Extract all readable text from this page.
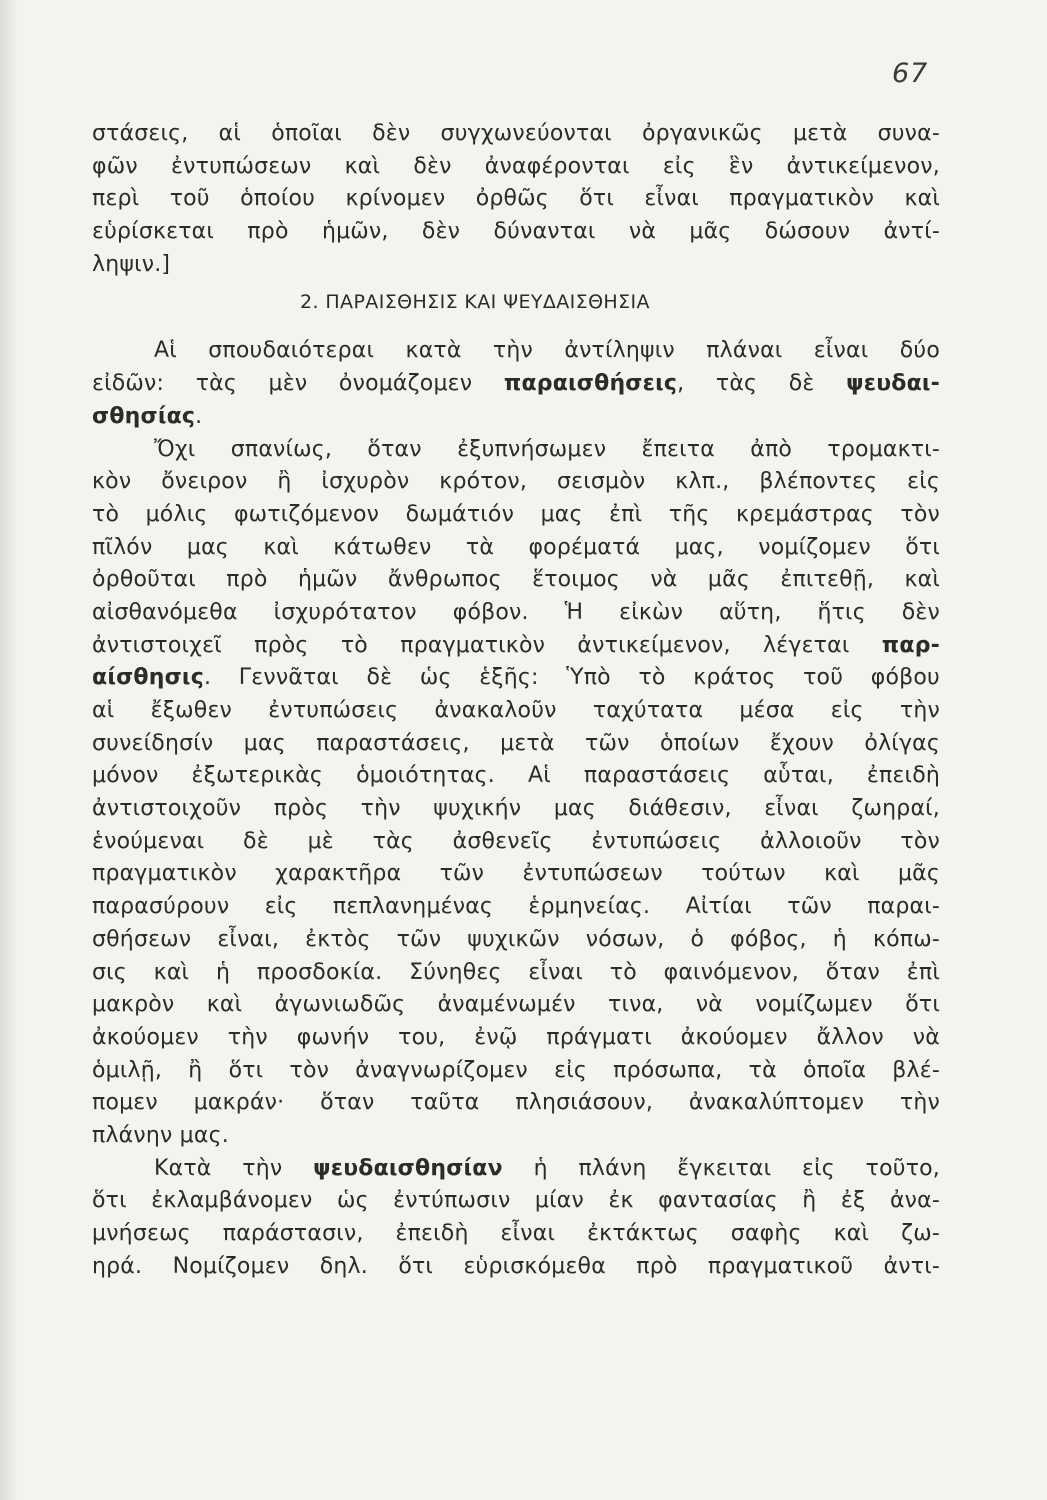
67
στάσεις, αἱ ὁποῖαι δὲν συγχωνεύονται ὀργανικῶς μετὰ συνα-
φῶν ἐντυπώσεων καὶ δὲν ἀναφέρονται εἰς ἓν ἀντικείμενον,
περὶ τοῦ ὁποίου κρίνομεν ὀρθῶς ὅτι εἶναι πραγματικὸν καὶ
εὑρίσκεται πρὸ ἡμῶν, δὲν δύνανται νὰ μᾶς δώσουν ἀντί-
ληψιν.]
2. ΠΑΡΑΙΣΘΗΣΙΣ ΚΑΙ ΨΕΥΔΑΙΣΘΗΣΙΑ
Αἱ σπουδαιότεραι κατὰ τὴν ἀντίληψιν πλάναι εἶναι δύο
εἰδῶν: τὰς μὲν ὀνομάζομεν παραισθήσεις, τὰς δὲ ψευδαι-
σθησίας.
Ὄχι σπανίως, ὅταν ἐξυπνήσωμεν ἔπειτα ἀπὸ τρομακτι-
κὸν ὄνειρον ἢ ἰσχυρὸν κρότον, σεισμὸν κλπ., βλέποντες εἰς
τὸ μόλις φωτιζόμενον δωμάτιόν μας ἐπὶ τῆς κρεμάστρας τὸν
πῖλόν μας καὶ κάτωθεν τὰ φορέματά μας, νομίζομεν ὅτι
ὀρθοῦται πρὸ ἡμῶν ἄνθρωπος ἕτοιμος νὰ μᾶς ἐπιτεθῇ, καὶ
αἰσθανόμεθα ἰσχυρότατον φόβον. Ἡ εἰκὼν αὕτη, ἥτις δὲν
ἀντιστοιχεῖ πρὸς τὸ πραγματικὸν ἀντικείμενον, λέγεται παρ-
αίσθησις. Γεννᾶται δὲ ὡς ἑξῆς: Ὑπὸ τὸ κράτος τοῦ φόβου
αἱ ἔξωθεν ἐντυπώσεις ἀνακαλοῦν ταχύτατα μέσα εἰς τὴν
συνείδησίν μας παραστάσεις, μετὰ τῶν ὁποίων ἔχουν ὀλίγας
μόνον ἐξωτερικὰς ὁμοιότητας. Αἱ παραστάσεις αὗται, ἐπειδὴ
ἀντιστοιχοῦν πρὸς τὴν ψυχικήν μας διάθεσιν, εἶναι ζωηραί,
ἑνούμεναι δὲ μὲ τὰς ἀσθενεῖς ἐντυπώσεις ἀλλοιοῦν τὸν
πραγματικὸν χαρακτῆρα τῶν ἐντυπώσεων τούτων καὶ μᾶς
παρασύρουν εἰς πεπλανημένας ἑρμηνείας. Αἰτίαι τῶν παραι-
σθήσεων εἶναι, ἐκτὸς τῶν ψυχικῶν νόσων, ὁ φόβος, ἡ κόπω-
σις καὶ ἡ προσδοκία. Σύνηθες εἶναι τὸ φαινόμενον, ὅταν ἐπὶ
μακρὸν καὶ ἀγωνιωδῶς ἀναμένωμέν τινα, νὰ νομίζωμεν ὅτι
ἀκούομεν τὴν φωνήν του, ἐνῷ πράγματι ἀκούομεν ἄλλον νὰ
ὁμιλῇ, ἢ ὅτι τὸν ἀναγνωρίζομεν εἰς πρόσωπα, τὰ ὁποῖα βλέ-
πομεν μακράν· ὅταν ταῦτα πλησιάσουν, ἀνακαλύπτομεν τὴν
πλάνην μας.
Κατὰ τὴν ψευδαισθησίαν ἡ πλάνη ἔγκειται εἰς τοῦτο,
ὅτι ἐκλαμβάνομεν ὡς ἐντύπωσιν μίαν ἐκ φαντασίας ἢ ἐξ ἀνα-
μνήσεως παράστασιν, ἐπειδὴ εἶναι ἐκτάκτως σαφὴς καὶ ζω-
ηρά. Νομίζομεν δηλ. ὅτι εὑρισκόμεθα πρὸ πραγματικοῦ ἀντι-
